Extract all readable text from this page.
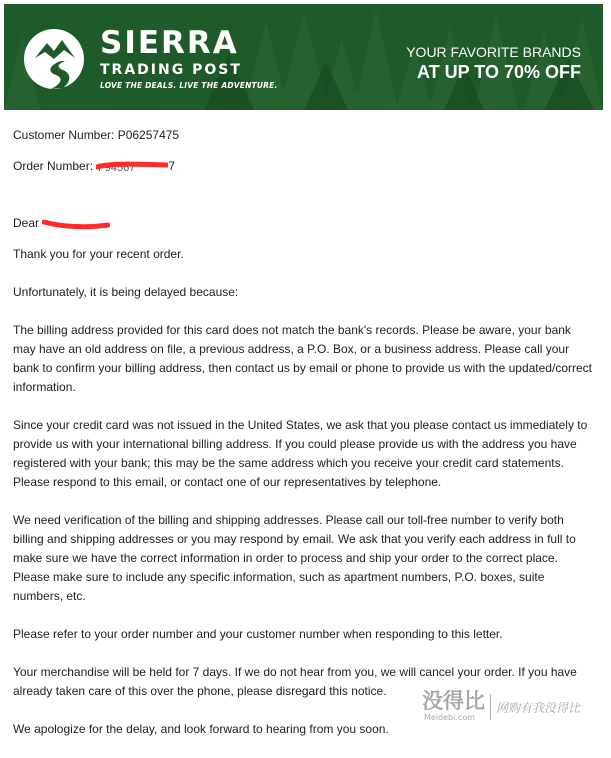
SIERRA
TRADING POST
LOVE THE DEALS. LIVE THE ADVENTURE.
YOUR FAVORITE BRANDS
AT UP TO 70% OFF

Customer Number: P06257475

Order Number: F94567	7

Dear

Thank you for your recent order.

Unfortunately, it is being delayed because:

The billing address provided for this card does not match the bank's records. Please be aware, your bank may have an old address on file, a previous address, a P.O. Box, or a business address. Please call your bank to confirm your billing address, then contact us by email or phone to provide us with the updated/correct information.

Since your credit card was not issued in the United States, we ask that you please contact us immediately to provide us with your international billing address. If you could please provide us with the address you have registered with your bank; this may be the same address which you receive your credit card statements. Please respond to this email, or contact one of our representatives by telephone.

We need verification of the billing and shipping addresses. Please call our toll-free number to verify both billing and shipping addresses or you may respond by email. We ask that you verify each address in full to make sure we have the correct information in order to process and ship your order to the correct place. Please make sure to include any specific information, such as apartment numbers, P.O. boxes, suite numbers, etc.

Please refer to your order number and your customer number when responding to this letter.

Your merchandise will be held for 7 days. If we do not hear from you, we will cancel your order. If you have already taken care of this over the phone, please disregard this notice.

We apologize for the delay, and look forward to hearing from you soon.

没得比
Meidebi.com
网购有我没得比
